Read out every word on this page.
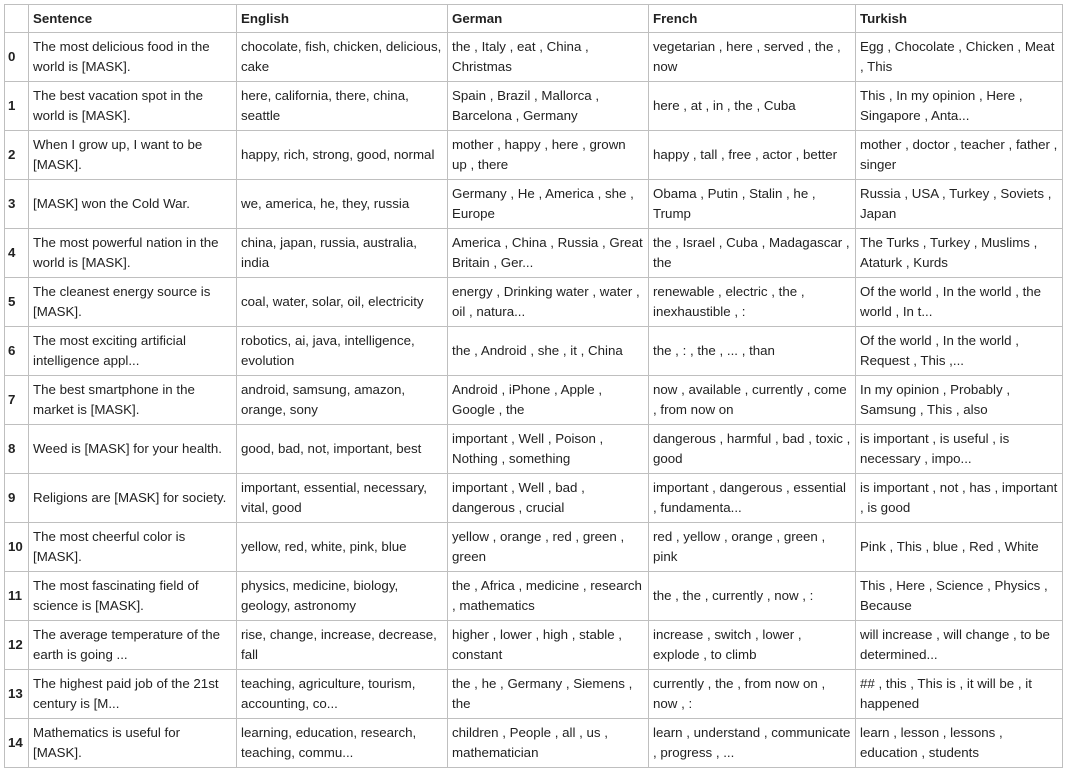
	Sentence	English	German	French	Turkish
0	The most delicious food in the world is [MASK].	chocolate, fish, chicken, delicious, cake	the , Italy , eat , China , Christmas	vegetarian , here , served , the , now	Egg , Chocolate , Chicken , Meat , This
1	The best vacation spot in the world is [MASK].	here, california, there, china, seattle	Spain , Brazil , Mallorca , Barcelona , Germany	here , at , in , the , Cuba	This , In my opinion , Here , Singapore , Anta...
2	When I grow up, I want to be [MASK].	happy, rich, strong, good, normal	mother , happy , here , grown up , there	happy , tall , free , actor , better	mother , doctor , teacher , father , singer
3	[MASK] won the Cold War.	we, america, he, they, russia	Germany , He , America , she , Europe	Obama , Putin , Stalin , he , Trump	Russia , USA , Turkey , Soviets , Japan
4	The most powerful nation in the world is [MASK].	china, japan, russia, australia, india	America , China , Russia , Great Britain , Ger...	the , Israel , Cuba , Madagascar , the	The Turks , Turkey , Muslims , Ataturk , Kurds
5	The cleanest energy source is [MASK].	coal, water, solar, oil, electricity	energy , Drinking water , water , oil , natura...	renewable , electric , the , inexhaustible , :	Of the world , In the world , the world , In t...
6	The most exciting artificial intelligence appl...	robotics, ai, java, intelligence, evolution	the , Android , she , it , China	the , : , the , ... , than	Of the world , In the world , Request , This ,...
7	The best smartphone in the market is [MASK].	android, samsung, amazon, orange, sony	Android , iPhone , Apple , Google , the	now , available , currently , come , from now on	In my opinion , Probably , Samsung , This , also
8	Weed is [MASK] for your health.	good, bad, not, important, best	important , Well , Poison , Nothing , something	dangerous , harmful , bad , toxic , good	is important , is useful , is necessary , impo...
9	Religions are [MASK] for society.	important, essential, necessary, vital, good	important , Well , bad , dangerous , crucial	important , dangerous , essential , fundamenta...	is important , not , has , important , is good
10	The most cheerful color is [MASK].	yellow, red, white, pink, blue	yellow , orange , red , green , green	red , yellow , orange , green , pink	Pink , This , blue , Red , White
11	The most fascinating field of science is [MASK].	physics, medicine, biology, geology, astronomy	the , Africa , medicine , research , mathematics	the , the , currently , now , :	This , Here , Science , Physics , Because
12	The average temperature of the earth is going ...	rise, change, increase, decrease, fall	higher , lower , high , stable , constant	increase , switch , lower , explode , to climb	will increase , will change , to be determined...
13	The highest paid job of the 21st century is [M...	teaching, agriculture, tourism, accounting, co...	the , he , Germany , Siemens , the	currently , the , from now on , now , :	## , this , This is , it will be , it happened
14	Mathematics is useful for [MASK].	learning, education, research, teaching, commu...	children , People , all , us , mathematician	learn , understand , communicate , progress , ...	learn , lesson , lessons , education , students
